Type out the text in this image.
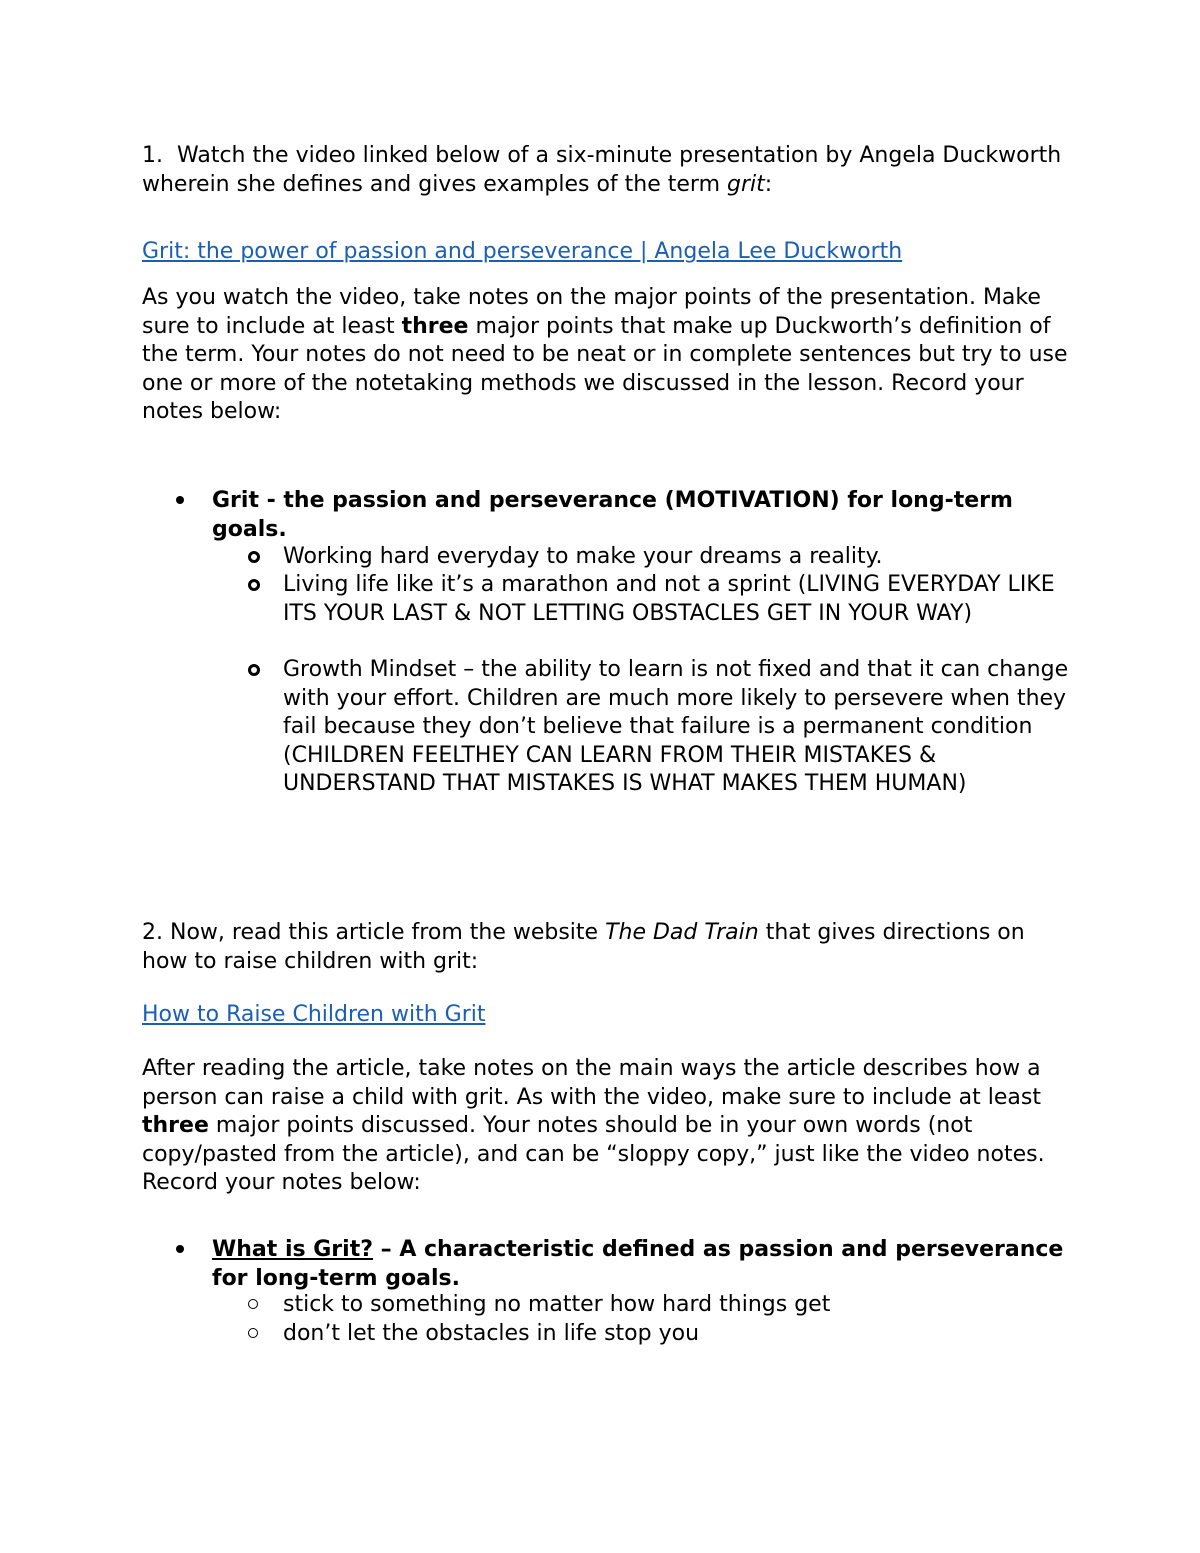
1. Watch the video linked below of a six-minute presentation by Angela Duckworth wherein she defines and gives examples of the term grit:

Grit: the power of passion and perseverance | Angela Lee Duckworth

As you watch the video, take notes on the major points of the presentation. Make sure to include at least three major points that make up Duckworth’s definition of the term. Your notes do not need to be neat or in complete sentences but try to use one or more of the notetaking methods we discussed in the lesson. Record your notes below:

Grit - the passion and perseverance (MOTIVATION) for long-term goals.

Working hard everyday to make your dreams a reality.

Living life like it’s a marathon and not a sprint (LIVING EVERYDAY LIKE ITS YOUR LAST & NOT LETTING OBSTACLES GET IN YOUR WAY)

Growth Mindset – the ability to learn is not fixed and that it can change with your effort. Children are much more likely to persevere when they fail because they don’t believe that failure is a permanent condition (CHILDREN FEELTHEY CAN LEARN FROM THEIR MISTAKES & UNDERSTAND THAT MISTAKES IS WHAT MAKES THEM HUMAN)

2. Now, read this article from the website The Dad Train that gives directions on how to raise children with grit:

How to Raise Children with Grit

After reading the article, take notes on the main ways the article describes how a person can raise a child with grit. As with the video, make sure to include at least three major points discussed. Your notes should be in your own words (not copy/pasted from the article), and can be “sloppy copy,” just like the video notes. Record your notes below:

What is Grit? – A characteristic defined as passion and perseverance for long-term goals.

stick to something no matter how hard things get

don’t let the obstacles in life stop you
